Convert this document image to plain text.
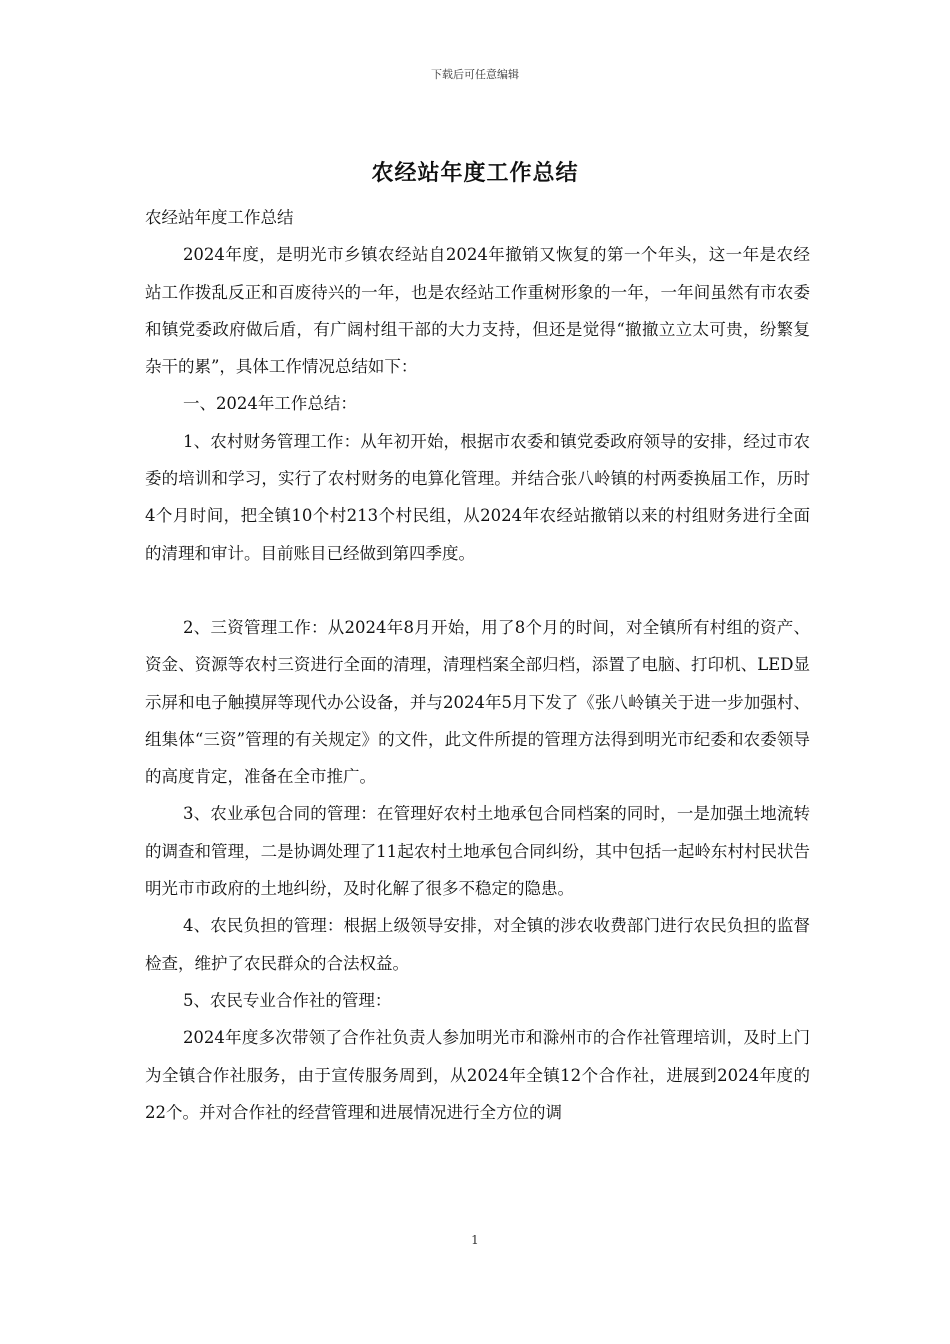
下载后可任意编辑
农经站年度工作总结

农经站年度工作总结

2024年度，是明光市乡镇农经站自2024年撤销又恢复的第一个年头，这一年是农经站工作拨乱反正和百废待兴的一年，也是农经站工作重树形象的一年，一年间虽然有市农委和镇党委政府做后盾，有广阔村组干部的大力支持，但还是觉得“撤撤立立太可贵，纷繁复杂干的累”，具体工作情况总结如下：

一、2024年工作总结：

1、农村财务管理工作：从年初开始，根据市农委和镇党委政府领导的安排，经过市农委的培训和学习，实行了农村财务的电算化管理。并结合张八岭镇的村两委换届工作，历时4个月时间，把全镇10个村213个村民组，从2024年农经站撤销以来的村组财务进行全面的清理和审计。目前账目已经做到第四季度。

2、三资管理工作：从2024年8月开始，用了8个月的时间，对全镇所有村组的资产、资金、资源等农村三资进行全面的清理，清理档案全部归档，添置了电脑、打印机、LED显示屏和电子触摸屏等现代办公设备，并与2024年5月下发了《张八岭镇关于进一步加强村、组集体“三资”管理的有关规定》的文件，此文件所提的管理方法得到明光市纪委和农委领导的高度肯定，准备在全市推广。

3、农业承包合同的管理：在管理好农村土地承包合同档案的同时，一是加强土地流转的调查和管理，二是协调处理了11起农村土地承包合同纠纷，其中包括一起岭东村村民状告明光市市政府的土地纠纷，及时化解了很多不稳定的隐患。

4、农民负担的管理：根据上级领导安排，对全镇的涉农收费部门进行农民负担的监督检查，维护了农民群众的合法权益。

5、农民专业合作社的管理：

2024年度多次带领了合作社负责人参加明光市和滁州市的合作社管理培训，及时上门为全镇合作社服务，由于宣传服务周到，从2024年全镇12个合作社，进展到2024年度的22个。并对合作社的经营管理和进展情况进行全方位的调

1
